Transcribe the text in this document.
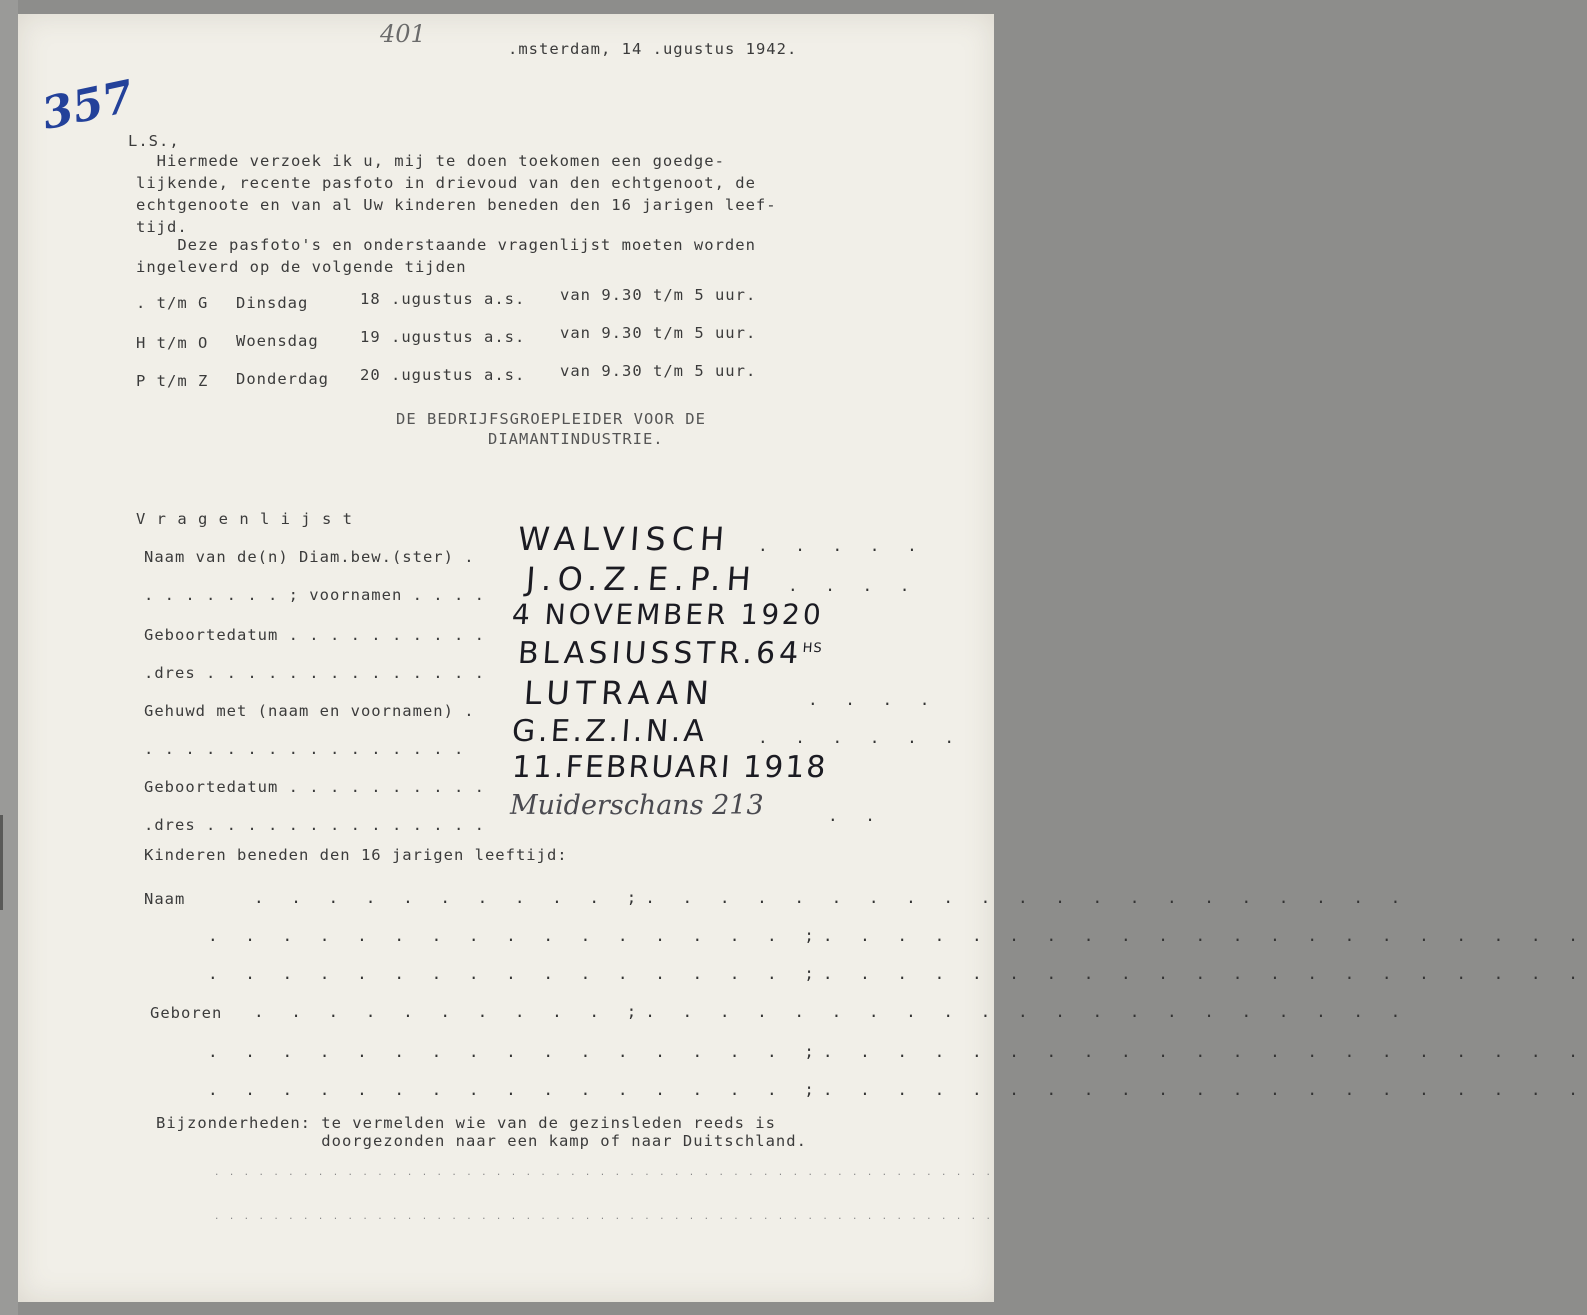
401
357
.msterdam, 14 .ugustus 1942.
L.S.,
Hiermede verzoek ik u, mij te doen toekomen een goedge-
lijkende, recente pasfoto in drievoud van den echtgenoot, de
echtgenoote en van al Uw kinderen beneden den 16 jarigen leef-
tijd.
Deze pasfoto's en onderstaande vragenlijst moeten worden
ingeleverd op de volgende tijden
. t/m G Dinsdag	18 .ugustus a.s. van 9.30 t/m 5 uur.
H t/m O Woensdag	19 .ugustus a.s. van 9.30 t/m 5 uur.
P t/m Z Donderdag 20 .ugustus a.s. van 9.30 t/m 5 uur.
DE BEDRIJFSGROEPLEIDER VOOR DE
DIAMANTINDUSTRIE.
V r a g e n l i j s t
Naam van de(n) Diam.bew.(ster) . WALVISCH . . . . .
. . . . . . . ; voornamen . . . . J.O.Z.E.P.H . . . .
Geboortedatum . . . . . . . . . .
4 NOVEMBER 1920
.dres . . . . . . . . . . . . . .
$BLASIUSSTR.64^{HS}$
Gehuwd met (naam en voornamen) . LUTRAAN	. . . .
. . . . . . . . . . . . . . . . G.E.Z.I.N.A	. . . . . .
Geboortedatum . . . . . . . . . .
11.FEBRUARI 1918
.dres . . . . . . . . . . . . . .
Muiderschans 213	. .
Kinderen beneden den 16 jarigen leeftijd:
Naam	. . . . . . . . . . ;. . . . . . . . . . . . . . . . . . . . .
. . . . . . . . . . . . . . . . ;. . . . . . . . . . . . . . . . . . . . .
. . . . . . . . . . . . . . . . ;. . . . . . . . . . . . . . . . . . . . .
Geboren . . . . . . . . . . ;. . . . . . . . . . . . . . . . . . . . .
. . . . . . . . . . . . . . . . ;. . . . . . . . . . . . . . . . . . . . .
. . . . . . . . . . . . . . . . ;. . . . . . . . . . . . . . . . . . . . .
Bijzonderheden: te vermelden wie van de gezinsleden reeds is
doorgezonden naar een kamp of naar Duitschland.
. . . . . . . . . . . . . . . . . . . . . . . . . . . . . . . . . . . . . . . . . . . . . . . . . . . . .
. . . . . . . . . . . . . . . . . . . . . . . . . . . . . . . . . . . . . . . . . . . . . . . . . . . . .
